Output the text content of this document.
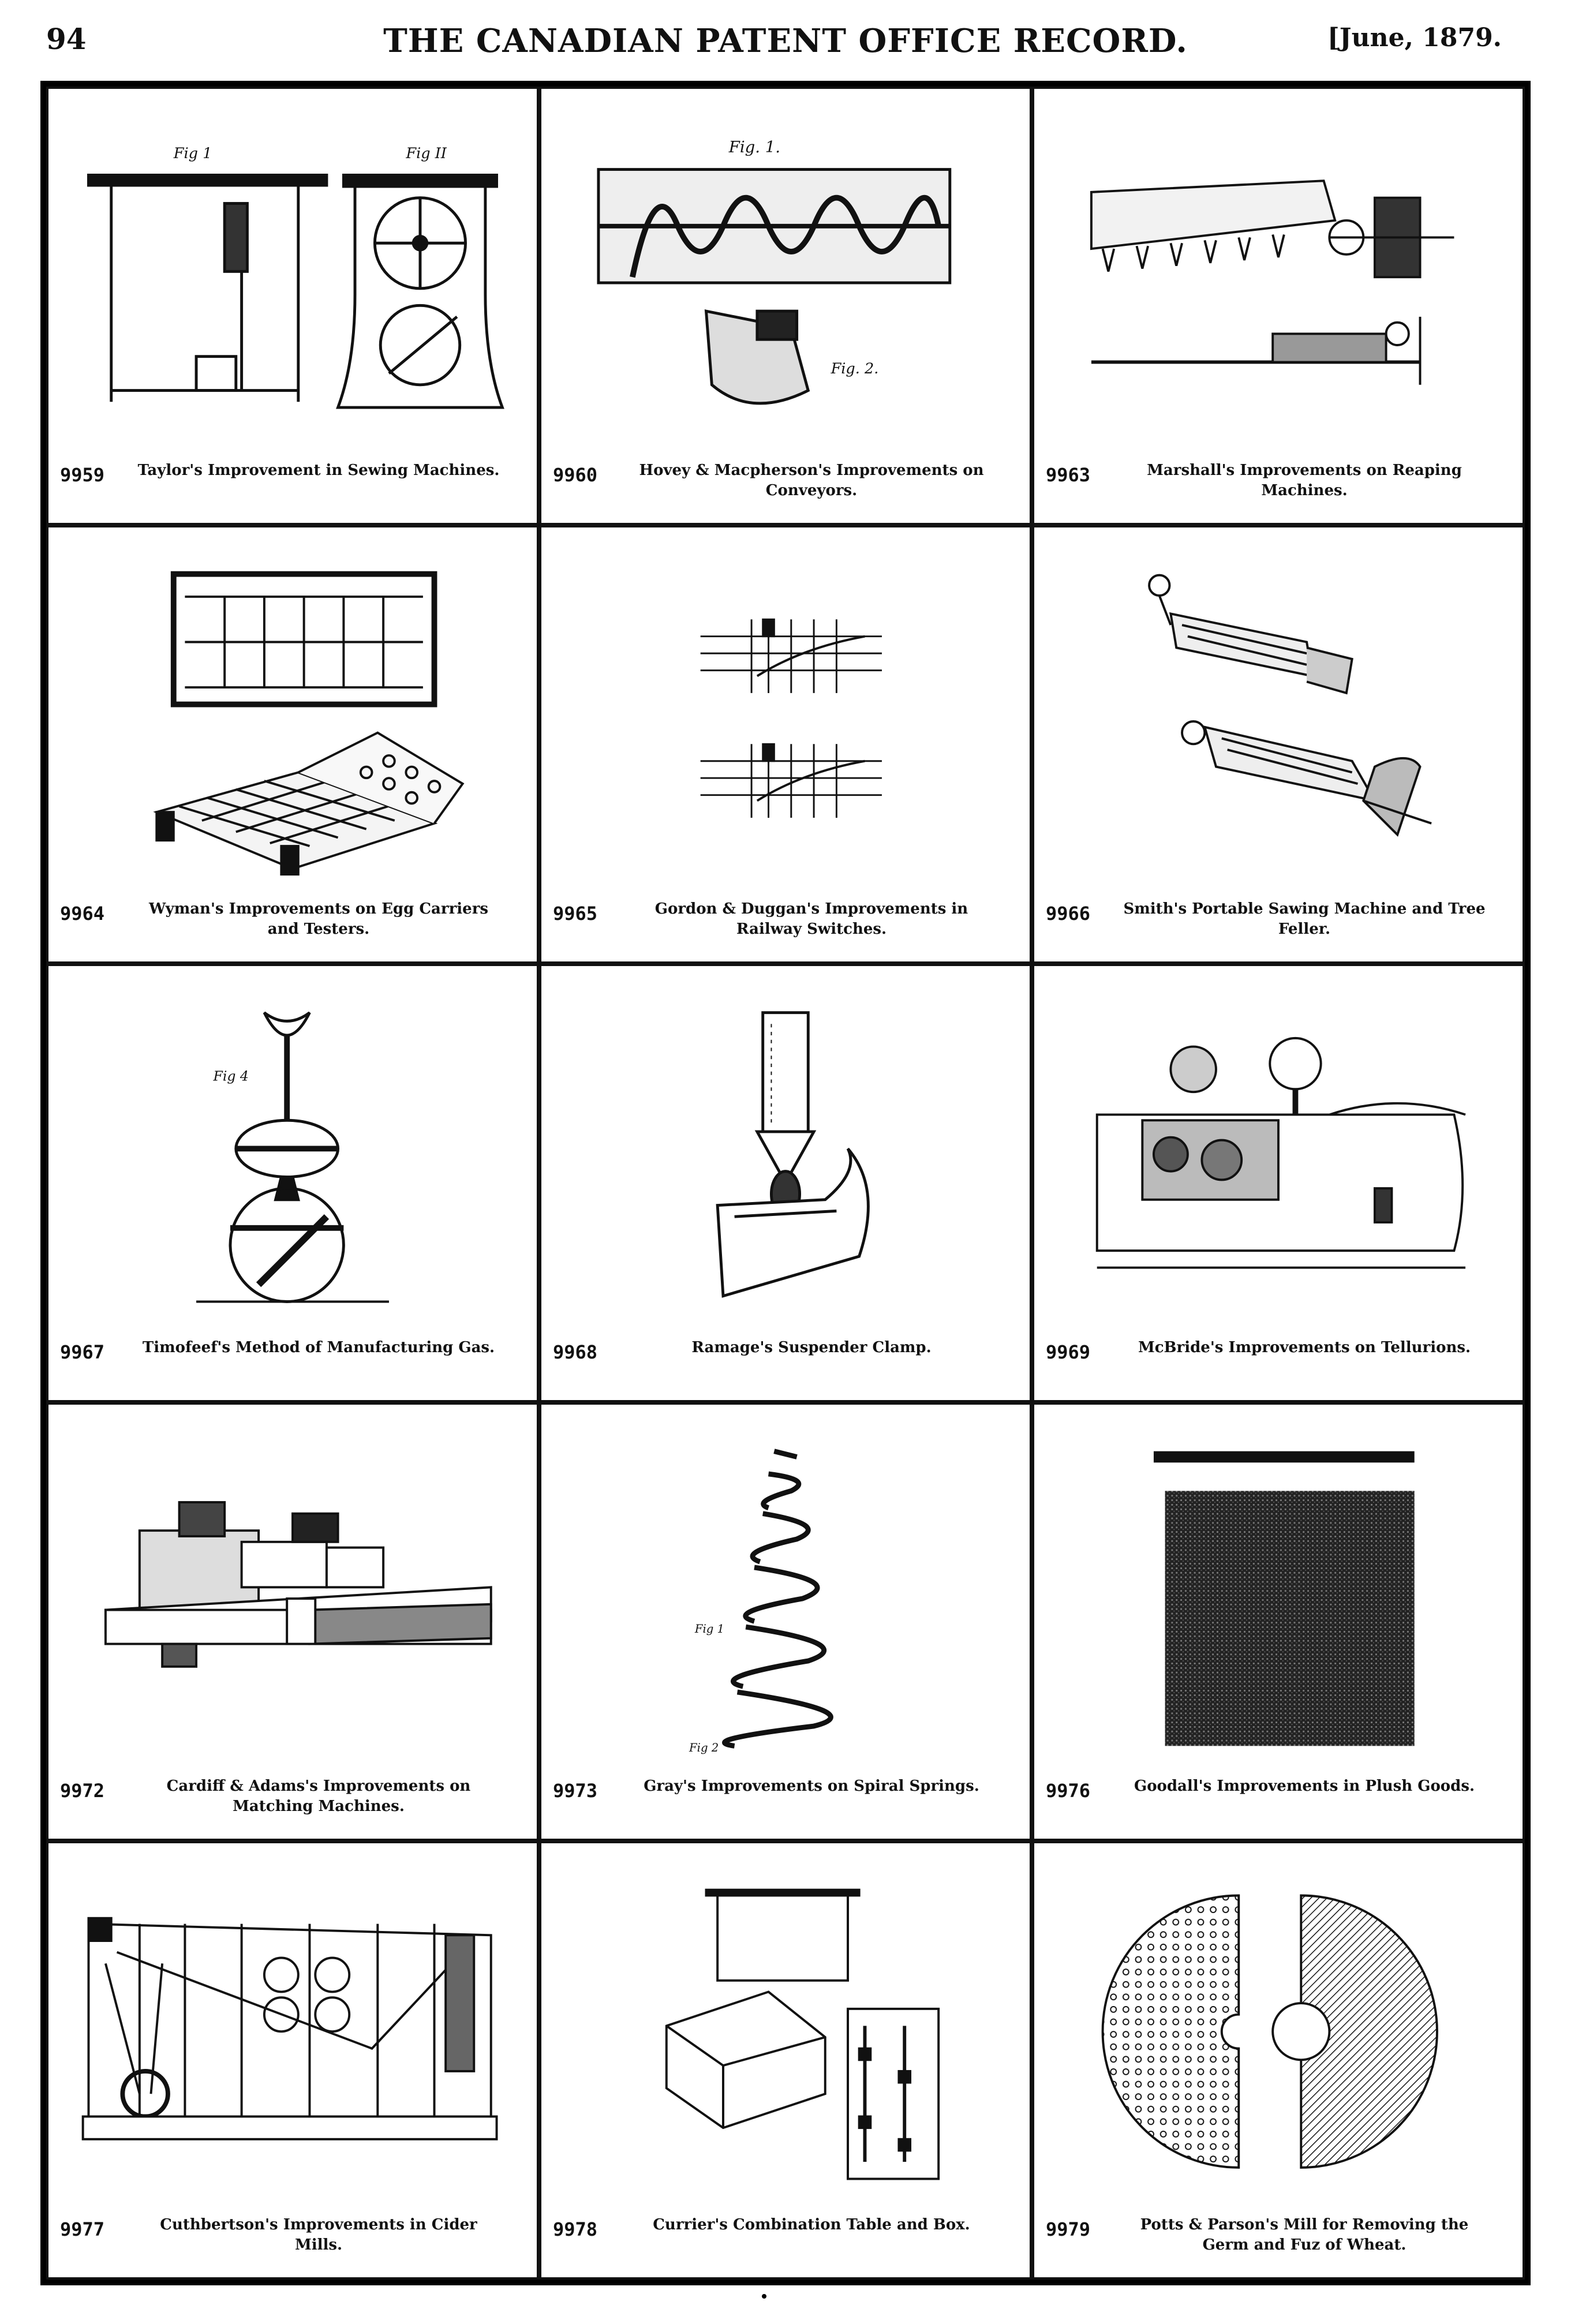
94	THE CANADIAN PATENT OFFICE RECORD.	[June, 1879.
Fig 1	Fig II
9959	Taylor's Improvement in Sewing Machines.
Fig. 1.
Fig. 2.
9960	Hovey & Macpherson's Improvements on Conveyors.
9963	Marshall's Improvements on Reaping Machines.
9964	Wyman's Improvements on Egg Carriers and Testers.
9965	Gordon & Duggan's Improvements in Railway Switches.
9966	Smith's Portable Sawing Machine and Tree Feller.
Fig 4
9967	Timofeef's Method of Manufacturing Gas.	9968	Ramage's Suspender Clamp.	9969	McBride's Improvements on Tellurions.
9972	Cardiff & Adams's Improvements on Matching Machines.
Fig 1
Fig 2
9973	Gray's Improvements on Spiral Springs.	9976	Goodall's Improvements in Plush Goods.
9977	Cuthbertson's Improvements in Cider Mills.
9978	Currier's Combination Table and Box.	9979	Potts & Parson's Mill for Removing the Germ and Fuz of Wheat.
